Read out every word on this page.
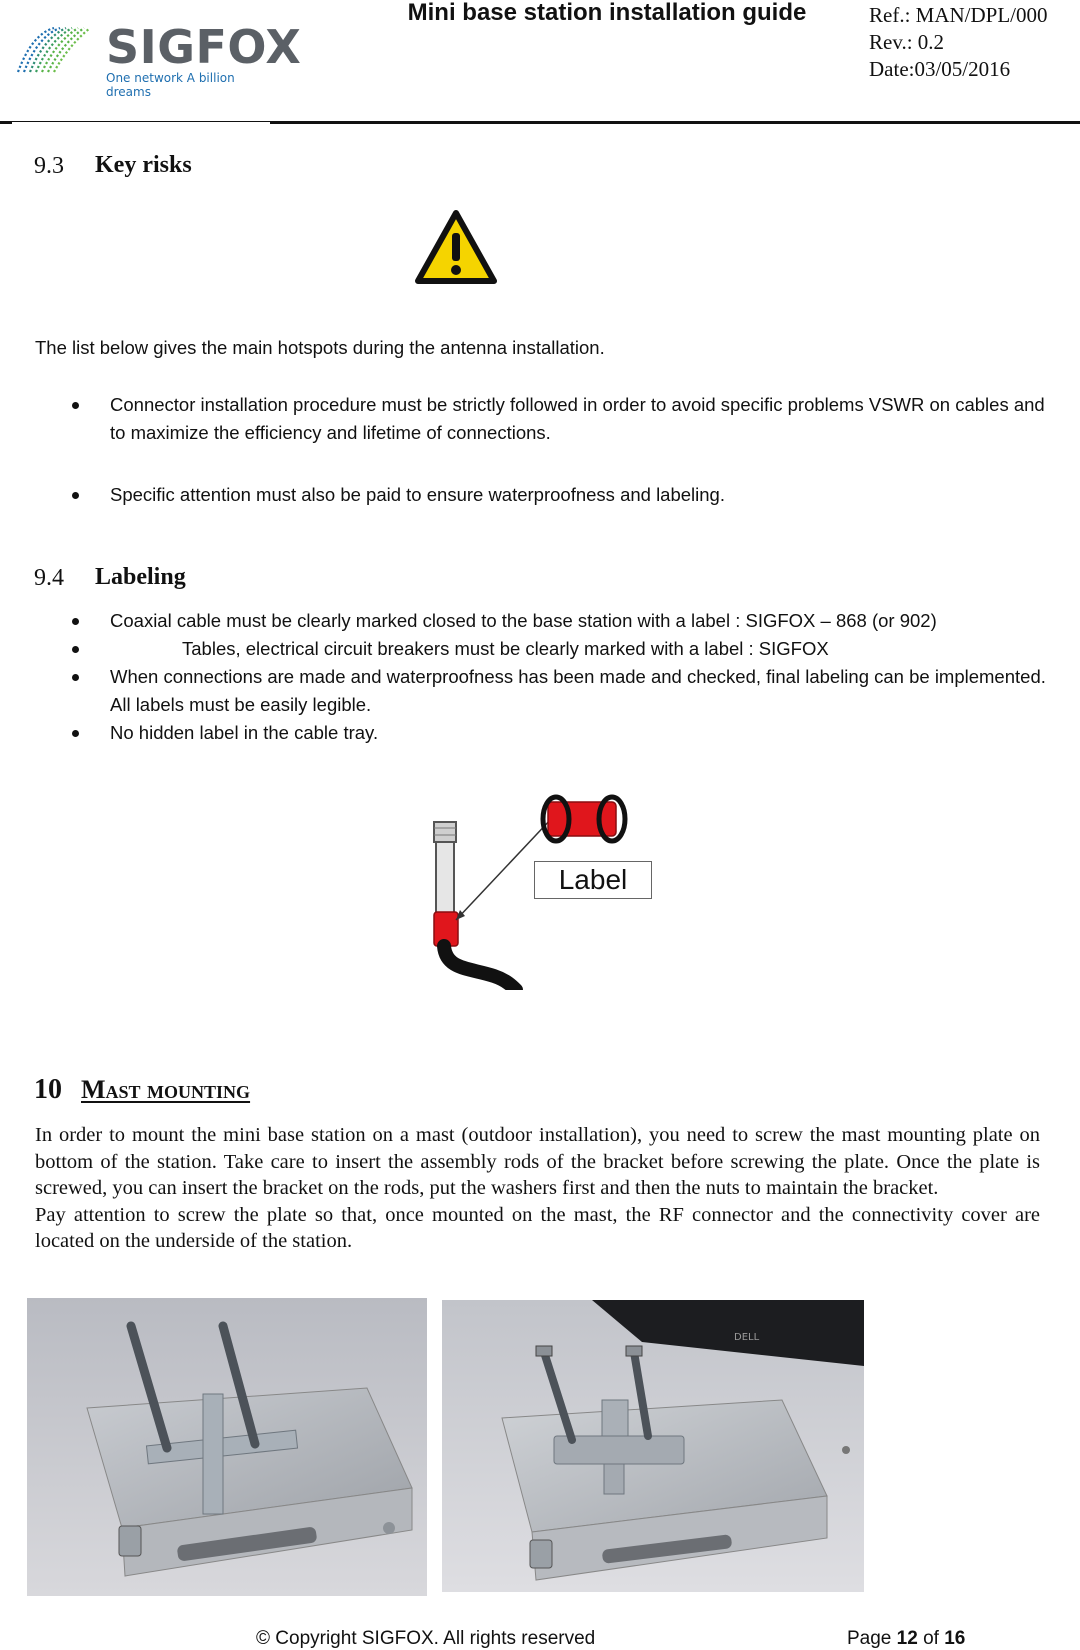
SIGFOX
One network A billion dreams
Mini base station installation guide	Ref.: MAN/DPL/000
Rev.: 0.2
Date:03/05/2016
9.3 Key risks
The list below gives the main hotspots during the antenna installation.
Connector installation procedure must be strictly followed in order to avoid specific problems VSWR on cables and to maximize the efficiency and lifetime of connections.
Specific attention must also be paid to ensure waterproofness and labeling.
9.4 Labeling
Coaxial cable must be clearly marked closed to the base station with a label : SIGFOX – 868 (or 902)
Tables, electrical circuit breakers must be clearly marked with a label : SIGFOX
When connections are made and waterproofness has been made and checked, final labeling can be implemented. All labels must be easily legible.
No hidden label in the cable tray.
Label
10 Mast mounting

In order to mount the mini base station on a mast (outdoor installation), you need to screw the mast mounting plate on bottom of the station. Take care to insert the assembly rods of the bracket before screwing the plate. Once the plate is screwed, you can insert the bracket on the rods, put the washers first and then the nuts to maintain the bracket.

Pay attention to screw the plate so that, once mounted on the mast, the RF connector and the connectivity cover are located on the underside of the station.

DELL
© Copyright SIGFOX. All rights reserved	Page 12 of 16
